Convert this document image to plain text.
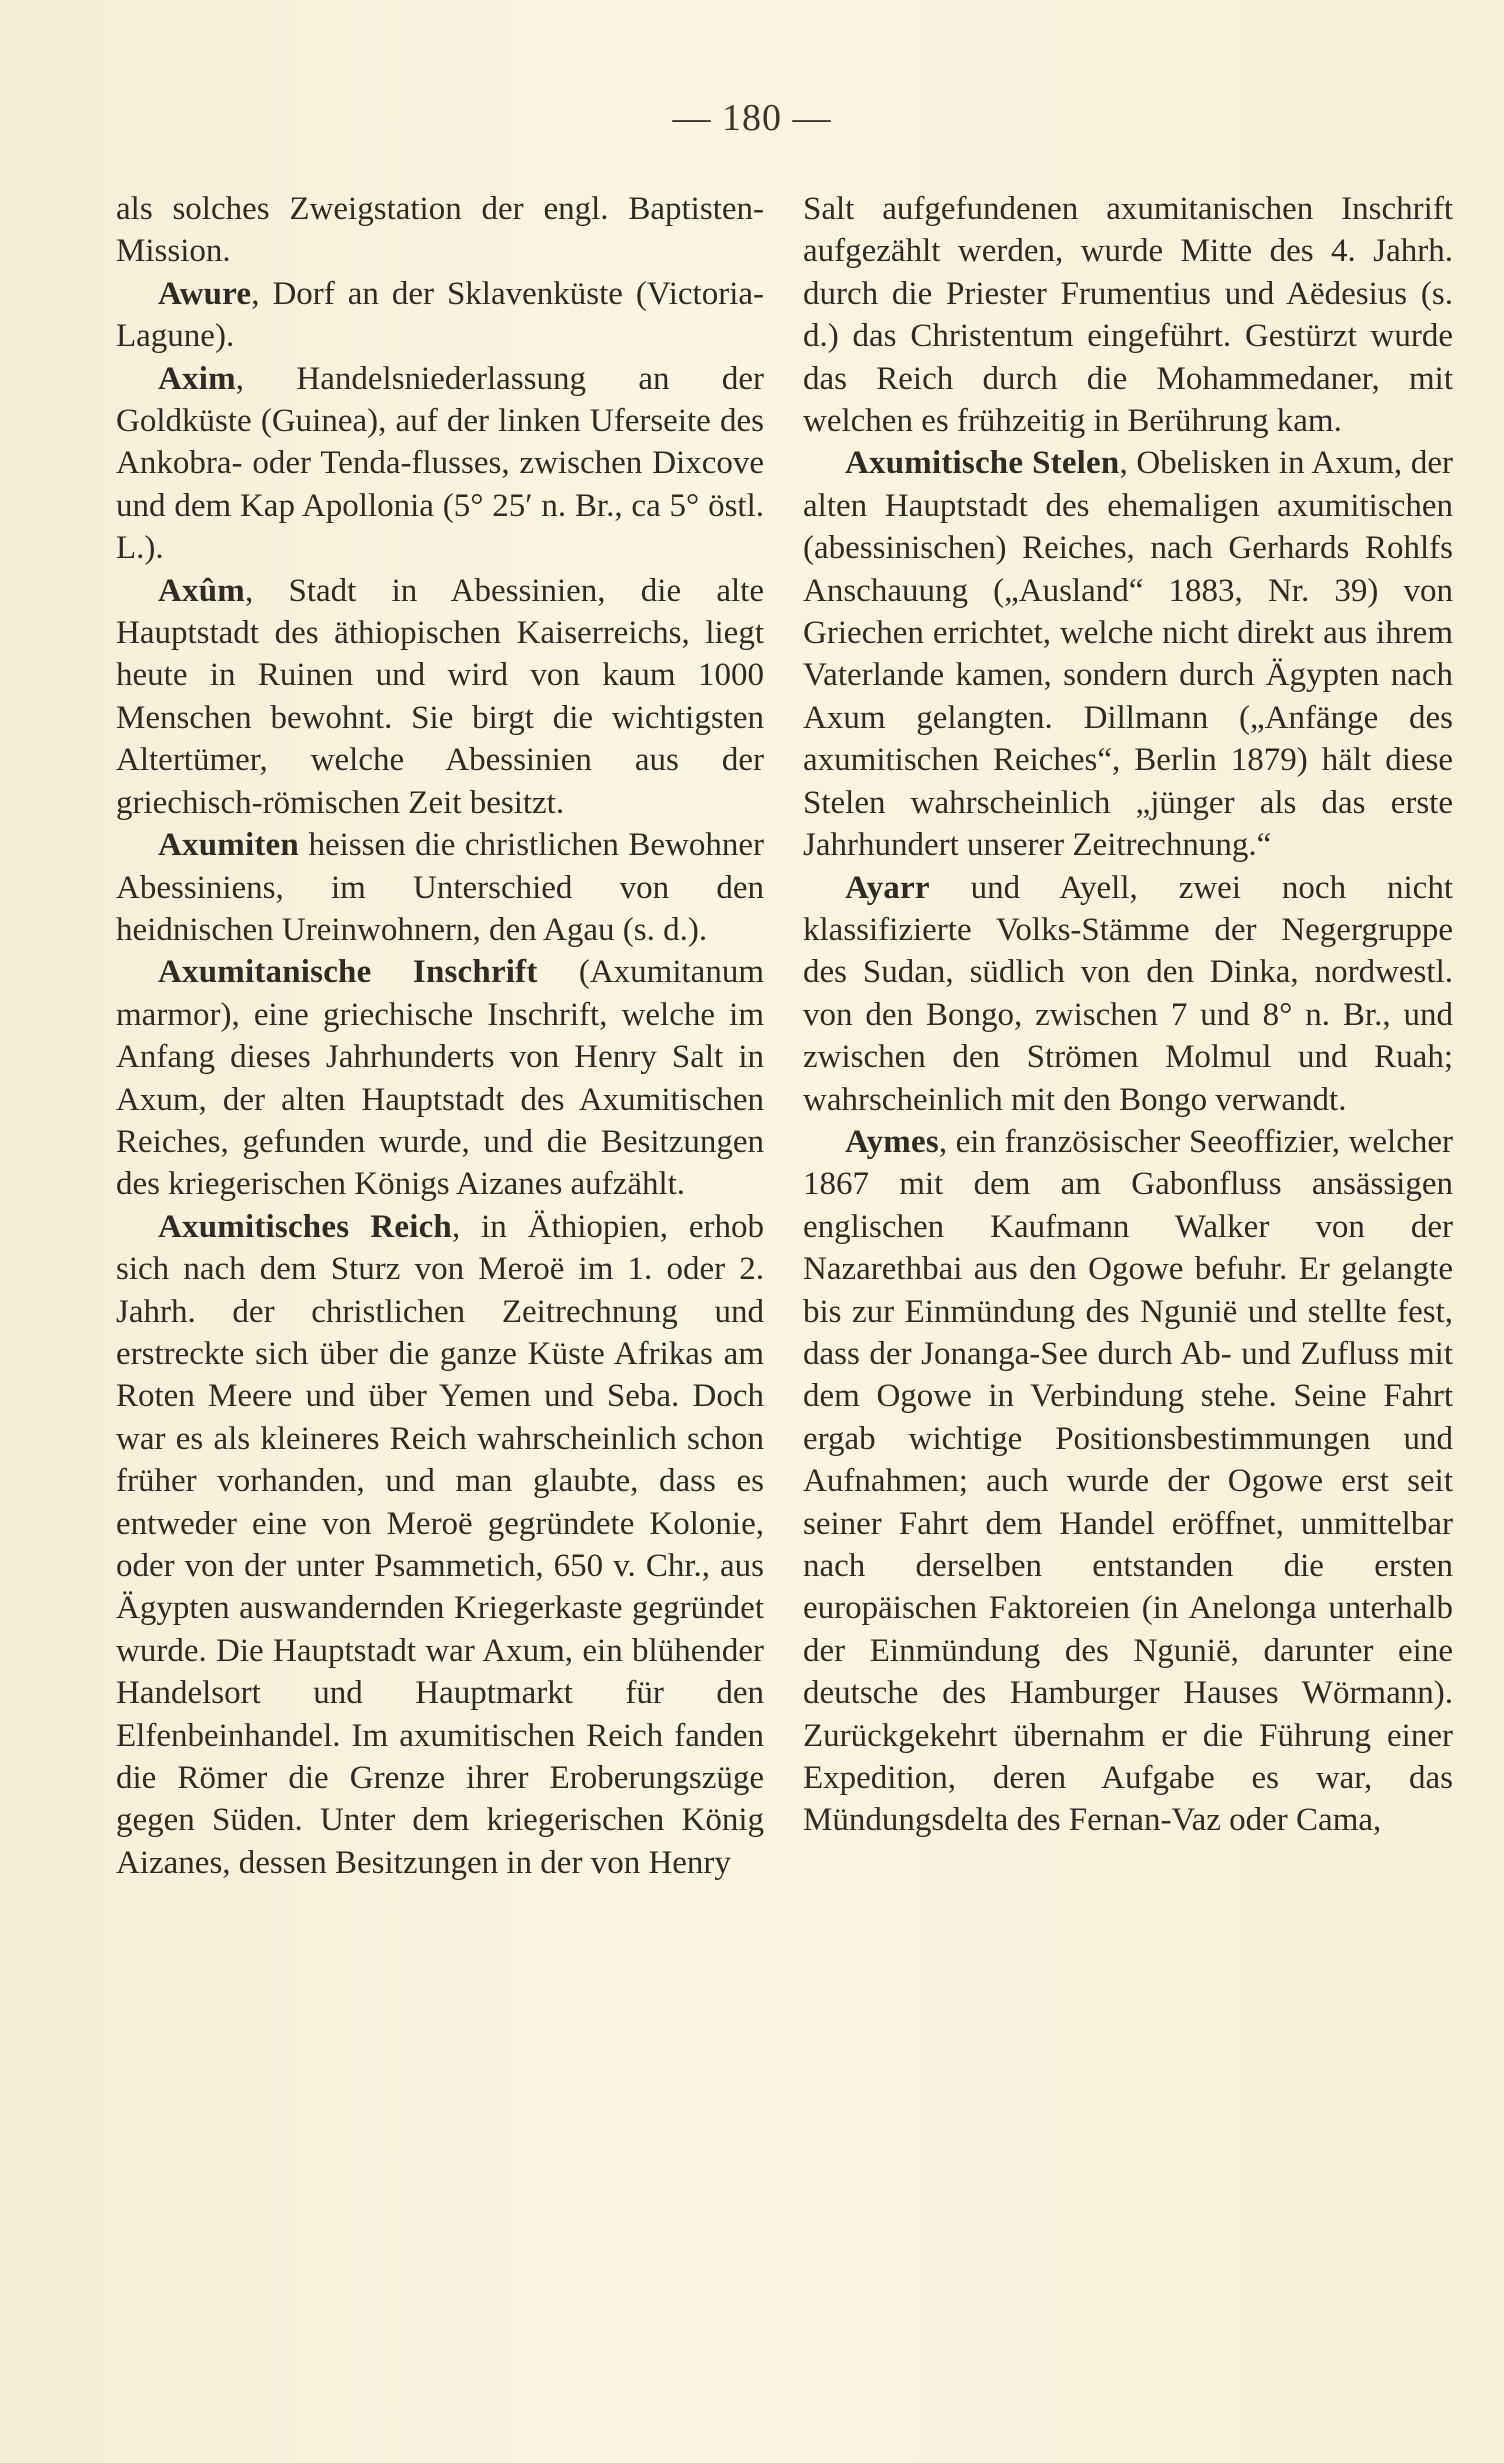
— 180 —

als solches Zweigstation der engl. Baptisten-Mission.

Awure, Dorf an der Sklavenküste (Victoria-Lagune).

Axim, Handelsniederlassung an der Goldküste (Guinea), auf der linken Uferseite des Ankobra- oder Tenda-flusses, zwischen Dixcove und dem Kap Apollonia (5° 25′ n. Br., ca 5° östl. L.).

Axûm, Stadt in Abessinien, die alte Hauptstadt des äthiopischen Kaiserreichs, liegt heute in Ruinen und wird von kaum 1000 Menschen bewohnt. Sie birgt die wichtigsten Altertümer, welche Abessinien aus der griechisch-römischen Zeit besitzt.

Axumiten heissen die christlichen Bewohner Abessiniens, im Unterschied von den heidnischen Ureinwohnern, den Agau (s. d.).

Axumitanische Inschrift (Axumitanum marmor), eine griechische Inschrift, welche im Anfang dieses Jahrhunderts von Henry Salt in Axum, der alten Hauptstadt des Axumitischen Reiches, gefunden wurde, und die Besitzungen des kriegerischen Königs Aizanes aufzählt.

Axumitisches Reich, in Äthiopien, erhob sich nach dem Sturz von Meroë im 1. oder 2. Jahrh. der christlichen Zeitrechnung und erstreckte sich über die ganze Küste Afrikas am Roten Meere und über Yemen und Seba. Doch war es als kleineres Reich wahrscheinlich schon früher vorhanden, und man glaubte, dass es entweder eine von Meroë gegründete Kolonie, oder von der unter Psammetich, 650 v. Chr., aus Ägypten auswandernden Kriegerkaste gegründet wurde. Die Hauptstadt war Axum, ein blühender Handelsort und Hauptmarkt für den Elfenbeinhandel. Im axumitischen Reich fanden die Römer die Grenze ihrer Eroberungszüge gegen Süden. Unter dem kriegerischen König Aizanes, dessen Besitzungen in der von Henry

Salt aufgefundenen axumitanischen Inschrift aufgezählt werden, wurde Mitte des 4. Jahrh. durch die Priester Frumentius und Aëdesius (s. d.) das Christentum eingeführt. Gestürzt wurde das Reich durch die Mohammedaner, mit welchen es frühzeitig in Berührung kam.

Axumitische Stelen, Obelisken in Axum, der alten Hauptstadt des ehemaligen axumitischen (abessinischen) Reiches, nach Gerhards Rohlfs Anschauung („Ausland“ 1883, Nr. 39) von Griechen errichtet, welche nicht direkt aus ihrem Vaterlande kamen, sondern durch Ägypten nach Axum gelangten. Dillmann („Anfänge des axumitischen Reiches“, Berlin 1879) hält diese Stelen wahrscheinlich „jünger als das erste Jahrhundert unserer Zeitrechnung.“

Ayarr und Ayell, zwei noch nicht klassifizierte Volks-Stämme der Negergruppe des Sudan, südlich von den Dinka, nordwestl. von den Bongo, zwischen 7 und 8° n. Br., und zwischen den Strömen Molmul und Ruah; wahrscheinlich mit den Bongo verwandt.

Aymes, ein französischer Seeoffizier, welcher 1867 mit dem am Gabonfluss ansässigen englischen Kaufmann Walker von der Nazarethbai aus den Ogowe befuhr. Er gelangte bis zur Einmündung des Nguniё und stellte fest, dass der Jonanga-See durch Ab- und Zufluss mit dem Ogowe in Verbindung stehe. Seine Fahrt ergab wichtige Positionsbestimmungen und Aufnahmen; auch wurde der Ogowe erst seit seiner Fahrt dem Handel eröffnet, unmittelbar nach derselben entstanden die ersten europäischen Faktoreien (in Anelonga unterhalb der Einmündung des Nguniё, darunter eine deutsche des Hamburger Hauses Wörmann). Zurückgekehrt übernahm er die Führung einer Expedition, deren Aufgabe es war, das Mündungsdelta des Fernan-Vaz oder Cama,
